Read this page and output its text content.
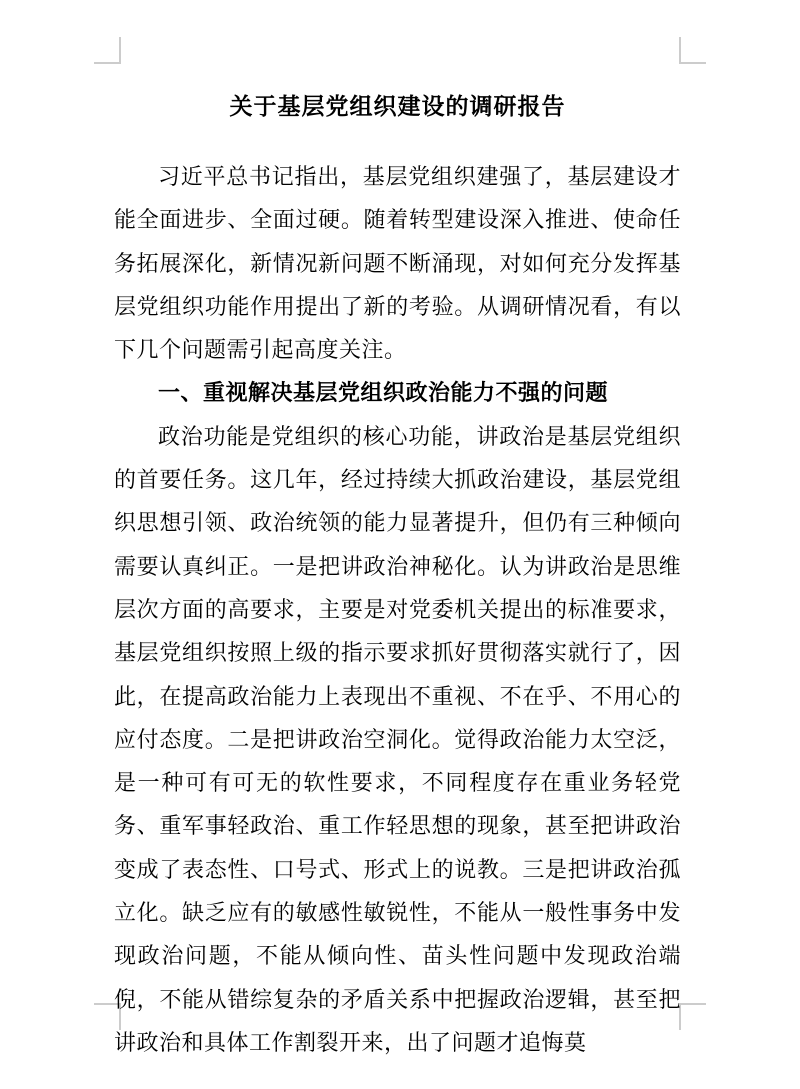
关于基层党组织建设的调研报告

习近平总书记指出，基层党组织建强了，基层建设才能全面进步、全面过硬。随着转型建设深入推进、使命任务拓展深化，新情况新问题不断涌现，对如何充分发挥基层党组织功能作用提出了新的考验。从调研情况看，有以下几个问题需引起高度关注。

一、重视解决基层党组织政治能力不强的问题

政治功能是党组织的核心功能，讲政治是基层党组织的首要任务。这几年，经过持续大抓政治建设，基层党组织思想引领、政治统领的能力显著提升，但仍有三种倾向需要认真纠正。一是把讲政治神秘化。认为讲政治是思维层次方面的高要求，主要是对党委机关提出的标准要求，基层党组织按照上级的指示要求抓好贯彻落实就行了，因此，在提高政治能力上表现出不重视、不在乎、不用心的应付态度。二是把讲政治空洞化。觉得政治能力太空泛，是一种可有可无的软性要求，不同程度存在重业务轻党务、重军事轻政治、重工作轻思想的现象，甚至把讲政治变成了表态性、口号式、形式上的说教。三是把讲政治孤立化。缺乏应有的敏感性敏锐性，不能从一般性事务中发现政治问题，不能从倾向性、苗头性问题中发现政治端倪，不能从错综复杂的矛盾关系中把握政治逻辑，甚至把讲政治和具体工作割裂开来，出了问题才追悔莫
